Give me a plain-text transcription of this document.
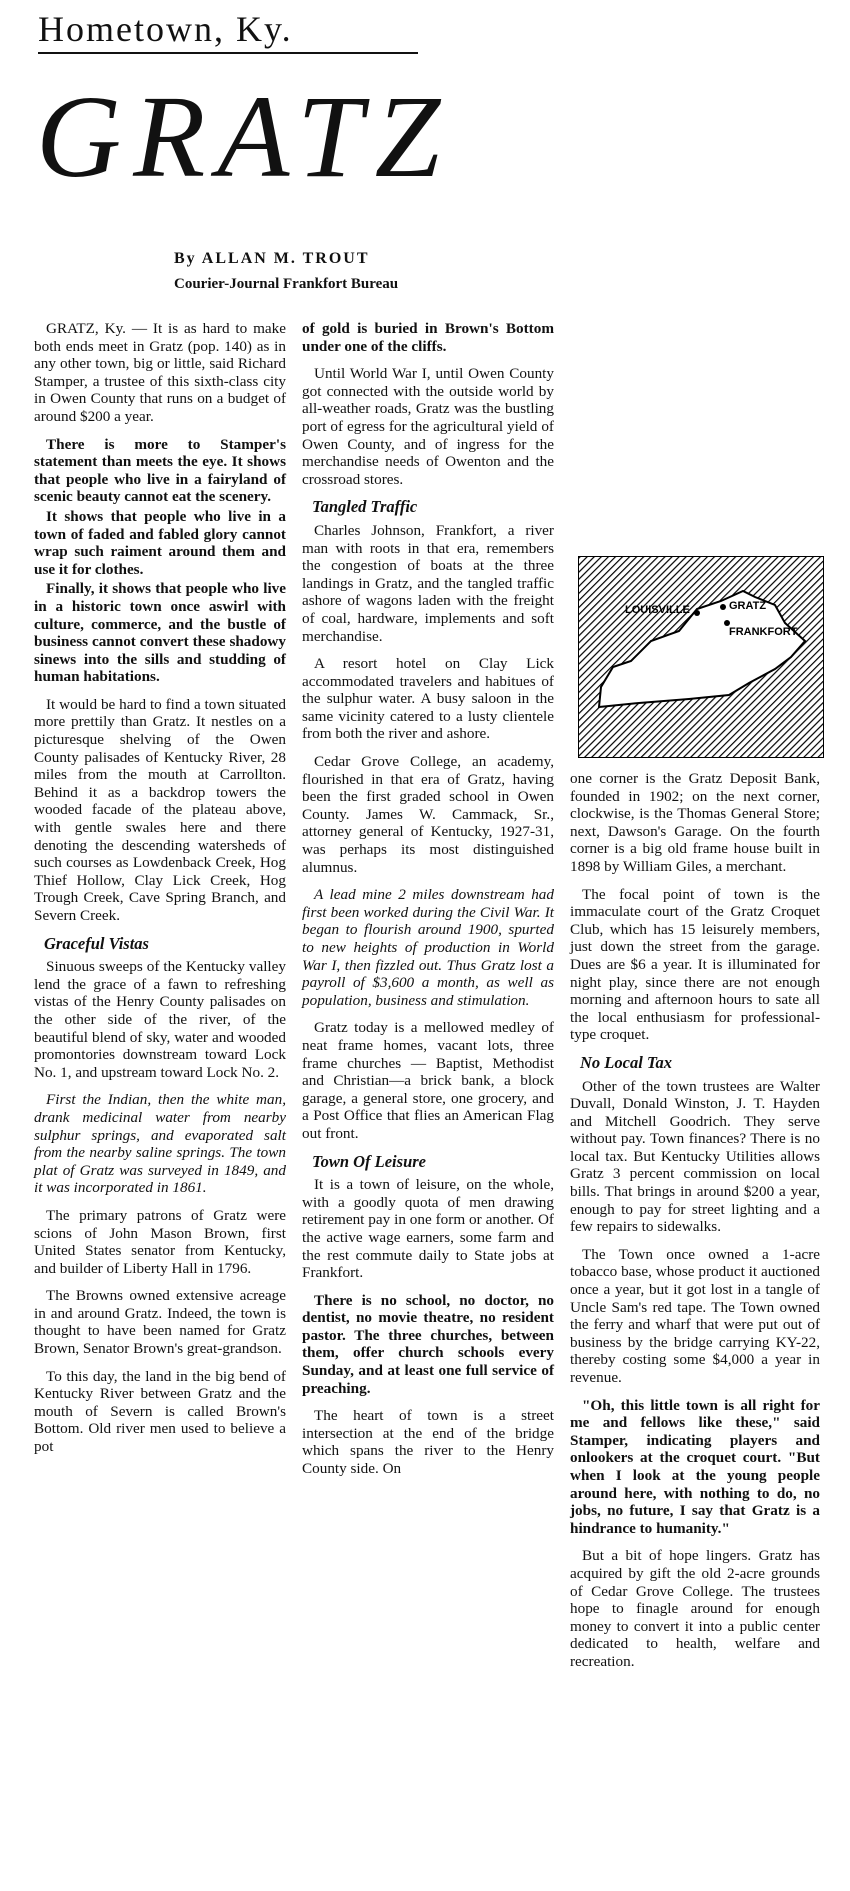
Hometown, Ky.
GRATZ

By ALLAN M. TROUT

Courier-Journal Frankfort Bureau

GRATZ, Ky. — It is as hard to make both ends meet in Gratz (pop. 140) as in any other town, big or little, said Richard Stamper, a trustee of this sixth-class city in Owen County that runs on a budget of around $200 a year.

There is more to Stamper's statement than meets the eye. It shows that people who live in a fairyland of scenic beauty cannot eat the scenery.

It shows that people who live in a town of faded and fabled glory cannot wrap such raiment around them and use it for clothes.

Finally, it shows that people who live in a historic town once aswirl with culture, commerce, and the bustle of business cannot convert these shadowy sinews into the sills and studding of human habitations.

It would be hard to find a town situated more prettily than Gratz. It nestles on a picturesque shelving of the Owen County palisades of Kentucky River, 28 miles from the mouth at Carrollton. Behind it as a backdrop towers the wooded facade of the plateau above, with gentle swales here and there denoting the descending watersheds of such courses as Lowdenback Creek, Hog Thief Hollow, Clay Lick Creek, Hog Trough Creek, Cave Spring Branch, and Severn Creek.

Graceful Vistas

Sinuous sweeps of the Kentucky valley lend the grace of a fawn to refreshing vistas of the Henry County palisades on the other side of the river, of the beautiful blend of sky, water and wooded promontories downstream toward Lock No. 1, and upstream toward Lock No. 2.

First the Indian, then the white man, drank medicinal water from nearby sulphur springs, and evaporated salt from the nearby saline springs. The town plat of Gratz was surveyed in 1849, and it was incorporated in 1861.

The primary patrons of Gratz were scions of John Mason Brown, first United States senator from Kentucky, and builder of Liberty Hall in 1796.

The Browns owned extensive acreage in and around Gratz. Indeed, the town is thought to have been named for Gratz Brown, Senator Brown's great-grandson.

To this day, the land in the big bend of Kentucky River between Gratz and the mouth of Severn is called Brown's Bottom. Old river men used to believe a pot

of gold is buried in Brown's Bottom under one of the cliffs.

Until World War I, until Owen County got connected with the outside world by all-weather roads, Gratz was the bustling port of egress for the agricultural yield of Owen County, and of ingress for the merchandise needs of Owenton and the crossroad stores.

Tangled Traffic

Charles Johnson, Frankfort, a river man with roots in that era, remembers the congestion of boats at the three landings in Gratz, and the tangled traffic ashore of wagons laden with the freight of coal, hardware, implements and soft merchandise.

A resort hotel on Clay Lick accommodated travelers and habitues of the sulphur water. A busy saloon in the same vicinity catered to a lusty clientele from both the river and ashore.

Cedar Grove College, an academy, flourished in that era of Gratz, having been the first graded school in Owen County. James W. Cammack, Sr., attorney general of Kentucky, 1927-31, was perhaps its most distinguished alumnus.

A lead mine 2 miles downstream had first been worked during the Civil War. It began to flourish around 1900, spurted to new heights of production in World War I, then fizzled out. Thus Gratz lost a payroll of $3,600 a month, as well as population, business and stimulation.

Gratz today is a mellowed medley of neat frame homes, vacant lots, three frame churches — Baptist, Methodist and Christian—a brick bank, a block garage, a general store, one grocery, and a Post Office that flies an American Flag out front.

Town Of Leisure

It is a town of leisure, on the whole, with a goodly quota of men drawing retirement pay in one form or another. Of the active wage earners, some farm and the rest commute daily to State jobs at Frankfort.

There is no school, no doctor, no dentist, no movie theatre, no resident pastor. The three churches, between them, offer church schools every Sunday, and at least one full service of preaching.

The heart of town is a street intersection at the end of the bridge which spans the river to the Henry County side. On

LOUISVILLE	GRATZ
FRANKFORT

one corner is the Gratz Deposit Bank, founded in 1902; on the next corner, clockwise, is the Thomas General Store; next, Dawson's Garage. On the fourth corner is a big old frame house built in 1898 by William Giles, a merchant.

The focal point of town is the immaculate court of the Gratz Croquet Club, which has 15 leisurely members, just down the street from the garage. Dues are $6 a year. It is illuminated for night play, since there are not enough morning and afternoon hours to sate all the local enthusiasm for professional-type croquet.

No Local Tax

Other of the town trustees are Walter Duvall, Donald Winston, J. T. Hayden and Mitchell Goodrich. They serve without pay. Town finances? There is no local tax. But Kentucky Utilities allows Gratz 3 percent commission on local bills. That brings in around $200 a year, enough to pay for street lighting and a few repairs to sidewalks.

The Town once owned a 1-acre tobacco base, whose product it auctioned once a year, but it got lost in a tangle of Uncle Sam's red tape. The Town owned the ferry and wharf that were put out of business by the bridge carrying KY-22, thereby costing some $4,000 a year in revenue.

"Oh, this little town is all right for me and fellows like these," said Stamper, indicating players and onlookers at the croquet court. "But when I look at the young people around here, with nothing to do, no jobs, no future, I say that Gratz is a hindrance to humanity."

But a bit of hope lingers. Gratz has acquired by gift the old 2-acre grounds of Cedar Grove College. The trustees hope to finagle around for enough money to convert it into a public center dedicated to health, welfare and recreation.
